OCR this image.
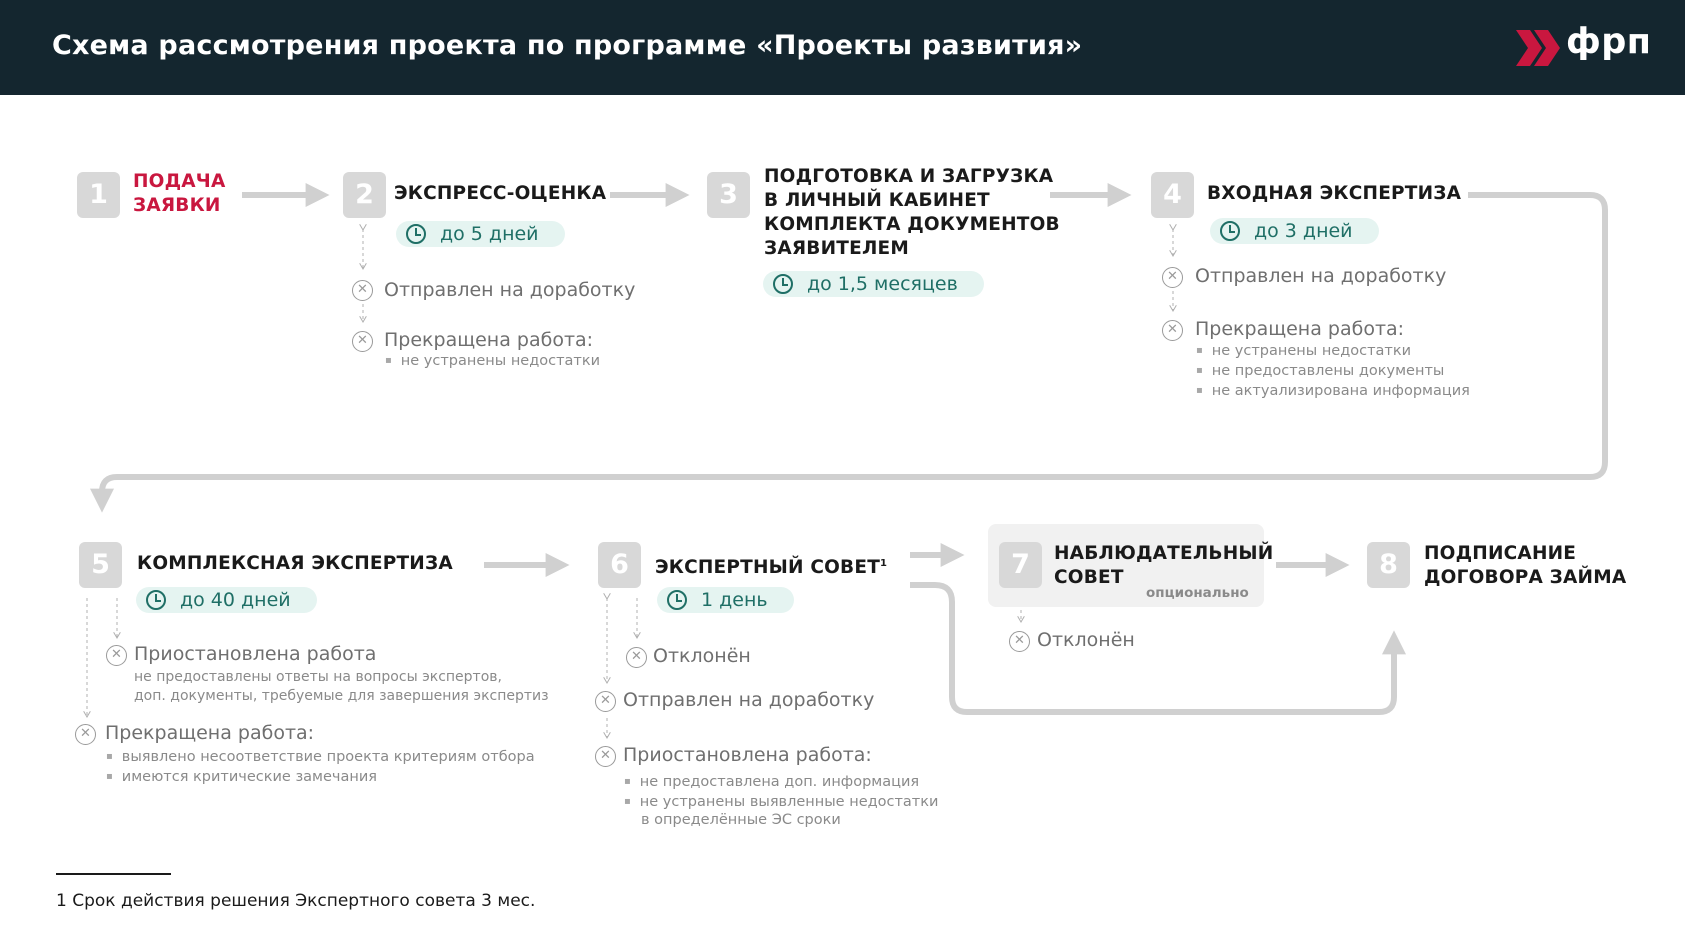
Схема рассмотрения проекта по программе «Проекты развития»	фрп
1	ПОДАЧА
ЗАЯВКИ	2	ЭКСПРЕСС-ОЦЕНКА
до 5 дней
✕ Отправлен на доработку
✕ Прекращена работа:
▪ не устранены недостатки
3
ПОДГОТОВКА И ЗАГРУЗКА
В ЛИЧНЫЙ КАБИНЕТ
КОМПЛЕКТА ДОКУМЕНТОВ
ЗАЯВИТЕЛЕМ
до 1,5 месяцев
4	ВХОДНАЯ ЭКСПЕРТИЗА
до 3 дней
✕ Отправлен на доработку
✕ Прекращена работа:
▪ не устранены недостатки
▪ не предоставлены документы
▪ не актуализирована информация
5	КОМПЛЕКСНАЯ ЭКСПЕРТИЗА
до 40 дней
✕ Приостановлена работа
не предоставлены ответы на вопросы экспертов,
доп. документы, требуемые для завершения экспертиз
✕ Прекращена работа:
▪ выявлено несоответствие проекта критериям отбора
▪ имеются критические замечания
6	ЭКСПЕРТНЫЙ СОВЕТ$^1$
1 день
✕ Отклонён
✕ Отправлен на доработку
✕ Приостановлена работа:
▪ не предоставлена доп. информация
▪ не устранены выявленные недостатки
в определённые ЭС сроки
7	НАБЛЮДАТЕЛЬНЫЙ
СОВЕТ
опционально
✕ Отклонён
8	ПОДПИСАНИЕ
ДОГОВОРА ЗАЙМА
1 Срок действия решения Экспертного совета 3 мес.
